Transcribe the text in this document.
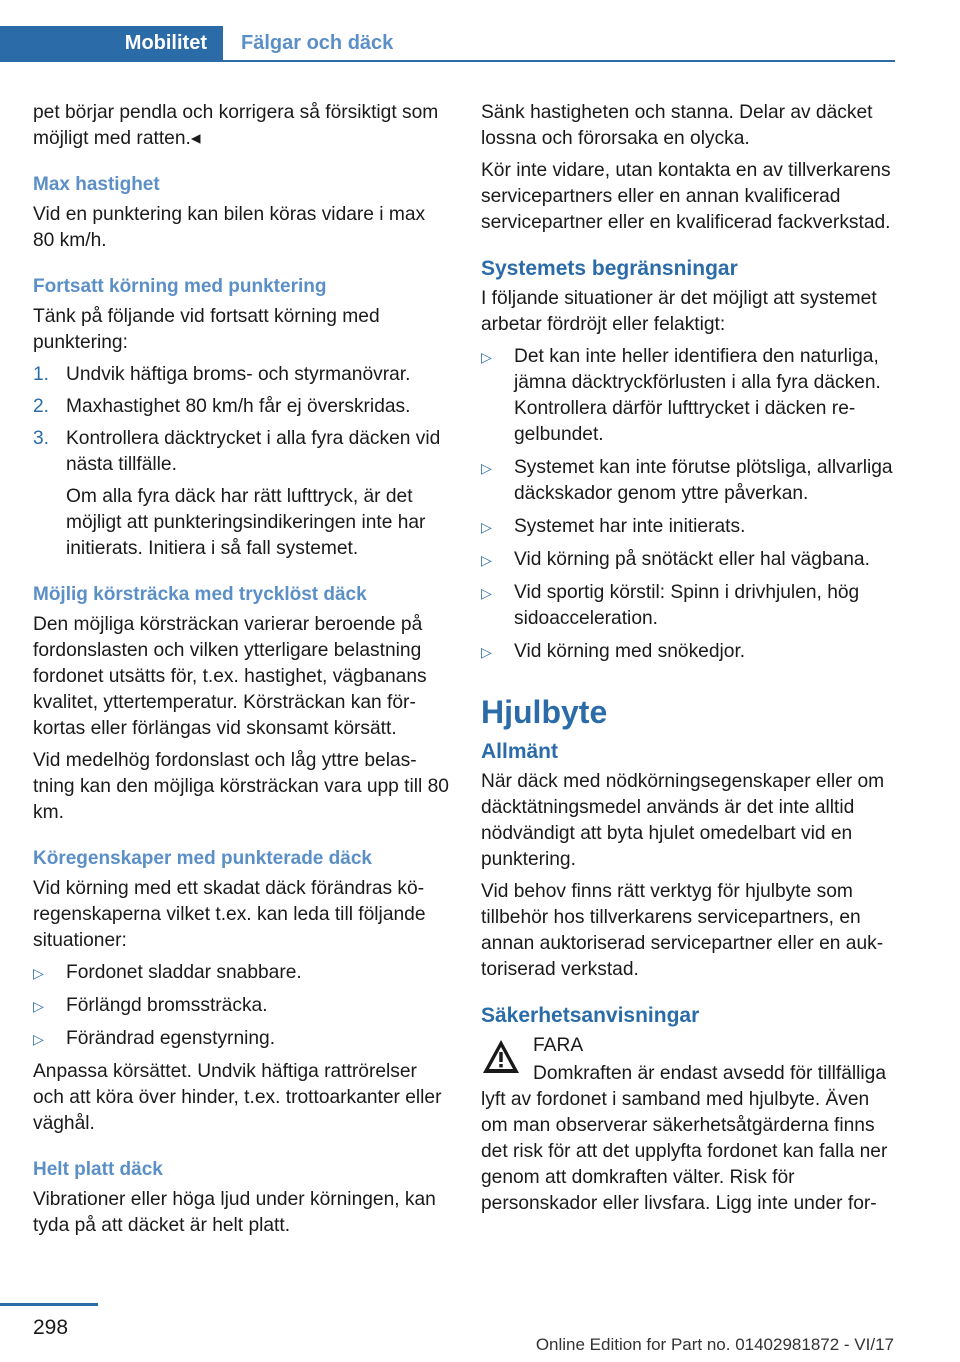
Mobilitet	Fälgar och däck

pet börjar pendla och korrigera så försiktigt som möjligt med ratten.◂

Max hastighet

Vid en punktering kan bilen köras vidare i max 80 km/h.

Fortsatt körning med punktering

Tänk på följande vid fortsatt körning med punktering:

1. Undvik häftiga broms- och styrmanövrar.
2. Maxhastighet 80 km/h får ej överskridas.
3. Kontrollera däcktrycket i alla fyra däcken vid nästa tillfälle.
Om alla fyra däck har rätt lufttryck, är det möjligt att punkteringsindikeringen inte har initierats. Initiera i så fall systemet.
Möjlig körsträcka med trycklöst däck

Den möjliga körsträckan varierar beroende på fordonslasten och vilken ytterligare belastning fordonet utsätts för, t.ex. hastighet, vägbanans kvalitet, yttertemperatur. Körsträckan kan förkortas eller förlängas vid skonsamt körsätt.

Vid medelhög fordonslast och låg yttre belastning kan den möjliga körsträckan vara upp till 80 km.

Köregenskaper med punkterade däck

Vid körning med ett skadat däck förändras köregenskaperna vilket t.ex. kan leda till följande situationer:

▷ Fordonet sladdar snabbare.
▷ Förlängd bromssträcka.
▷ Förändrad egenstyrning.

Anpassa körsättet. Undvik häftiga rattrörelser och att köra över hinder, t.ex. trottoarkanter eller väghål.

Helt platt däck

Vibrationer eller höga ljud under körningen, kan tyda på att däcket är helt platt.

Sänk hastigheten och stanna. Delar av däcket lossna och förorsaka en olycka.

Kör inte vidare, utan kontakta en av tillverkarens servicepartners eller en annan kvalificerad servicepartner eller en kvalificerad fackverkstad.

Systemets begränsningar

I följande situationer är det möjligt att systemet arbetar fördröjt eller felaktigt:

▷ Det kan inte heller identifiera den naturliga, jämna däcktryckförlusten i alla fyra däcken. Kontrollera därför lufttrycket i däcken regelbundet.
▷ Systemet kan inte förutse plötsliga, allvarliga däckskador genom yttre påverkan.
▷ Systemet har inte initierats.
▷ Vid körning på snötäckt eller hal vägbana.
▷ Vid sportig körstil: Spinn i drivhjulen, hög sidoacceleration.
▷ Vid körning med snökedjor.
Hjulbyte
Allmänt

När däck med nödkörningsegenskaper eller om däcktätningsmedel används är det inte alltid nödvändigt att byta hjulet omedelbart vid en punktering.

Vid behov finns rätt verktyg för hjulbyte som tillbehör hos tillverkarens servicepartners, en annan auktoriserad servicepartner eller en auktoriserad verkstad.

Säkerhetsanvisningar
FARA

Domkraften är endast avsedd för tillfälliga lyft av fordonet i samband med hjulbyte. Även om man observerar säkerhetsåtgärderna finns det risk för att det upplyfta fordonet kan falla ner genom att domkraften välter. Risk för personskador eller livsfara. Ligg inte under for-

298
Online Edition for Part no. 01402981872 - VI/17
